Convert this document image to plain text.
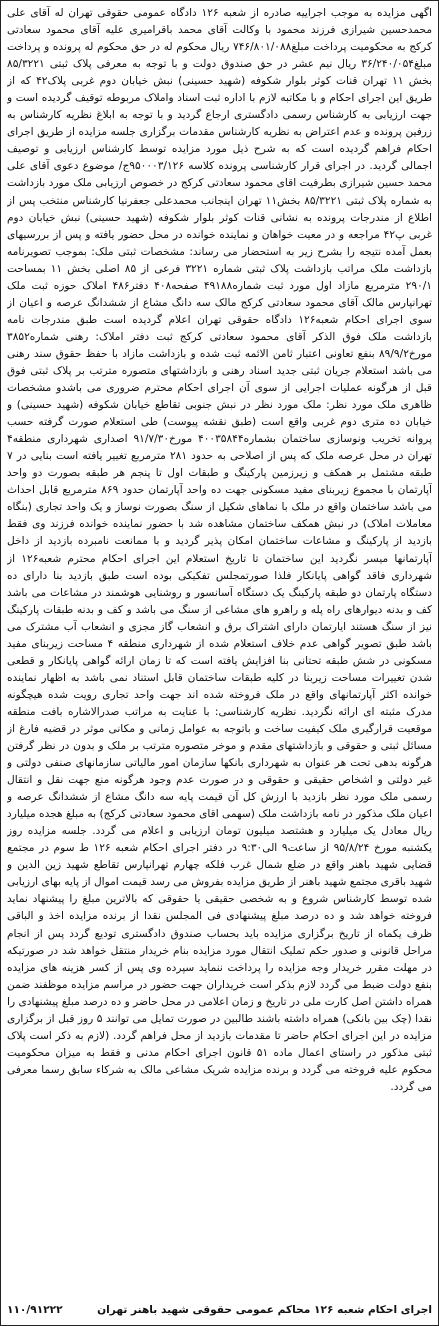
اگهی مزایده به موجب اجراییه صادره از شعبه ۱۲۶ دادگاه عمومی حقوقی تهران له آقای علی محمدحسین شیرازی فرزند محمود با وکالت آقای محمد باقرامیری علیه آقای محمود سعادتی کرکج به محکومیت پرداخت مبلغ۷۴۶/۸۰۱/۰۸۸ ریال محکوم له در حق محکوم له پرونده و پرداخت مبلغ۳۶/۲۴۰/۰۵۴ ریال نیم عشر در حق صندوق دولت و با توجه به معرفی پلاک ثبتی ۸۵/۳۲۲۱ بخش ۱۱ تهران قنات کوثر بلوار شکوفه (شهید حسینی) نبش خیابان دوم غربی پلاک۴۲ که از طریق این اجرای احکام و با مکاتبه لازم با اداره ثبت اسناد واملاک مربوطه توقیف گردیده است و جهت ارزیابی به کارشناس رسمی دادگستری ارجاع گردید و با توجه به ابلاغ نظریه کارشناس به زرفین پرونده و عدم اعتراض به نظریه کارشناس مقدمات برگزاری جلسه مزایده از طریق اجرای احکام فراهم گردیده است که به شرح ذیل مورد مزایده توسط کارشناس ارزیابی و توصیف اجمالی گردید. در اجرای قرار کارشناسی پرونده کلاسه ۹۵۰۰۰۳/۱۲۶ج/ موضوع دعوی آقای علی محمد حسین شیرازی بطرفیت اقای محمود سعادتی کرکج در خصوص ارزیابی ملک مورد بازداشت به شماره پلاک ثبتی ۸۵/۳۲۲۱ بخش۱۱ تهران اینجانب محمدعلی جعفرنیا کارشناس منتخب پس از اطلاع از مندرجات پرونده به نشانی قنات کوثر بلوار شکوفه (شهید حسینی) نبش خیابان دوم غربی پ۴۲ مراجعه و در معیت خواهان و نماینده خوانده در محل حضور یافته و پس از بررسیهای بعمل آمده نتیجه را بشرح زیر به استحضار می رساند: مشخصات ثبتی ملک: بموجب تصویرنامه بازداشت ملک مراتب بازداشت پلاک ثبتی شماره ۳۲۲۱ فرعی از ۸۵ اصلی بخش ۱۱ بمساحت ۲۹۰/۱ مترمربع مازاد اول مورد ثبت شماره۴۹۱۸۸ صفحه۴۰۸ دفتر۴۸۶ املاک حوزه ثبت ملک تهرانپارس مالک آقای محمود سعادتی کرکج مالک سه دانگ مشاع از ششدانگ عرصه و اعیان از سوی اجرای احکام شعبه۱۲۶ دادگاه حقوقی تهران اعلام گردیده است طبق مندرجات نامه بازداشت ملک فوق الذکر آقای محمود سعادتی کرکج ثبت دفتر املاک: رهنی شماره۳۸۵۲ مورخ۸۹/۹/۲ بنفع تعاونی اعتبار ثامن الائمه ثبت شده و بازداشت مازاد با حفظ حقوق سند رهنی می باشد استعلام جریان ثبتی جدید اسناد رهنی و بازداشتهای متصوره مترتب بر پلاک ثبتی فوق قبل از هرگونه عملیات اجرایی از سوی آن اجرای احکام محترم ضروری می باشدو مشخصات ظاهری ملک مورد نظر: ملک مورد نظر در نبش جنوبی تقاطع خیابان شکوفه (شهید حسینی) و خیابان ده متری دوم غربی واقع است (طبق نقشه پیوست) طی استعلام صورت گرفته حسب پروانه تخریب ونوسازی ساختمان بشماره۴۰۰۳۵۸۴۴ مورخ۹۱/۷/۳۰ اصداری شهرداری منطقه۴ تهران در محل عرصه ملک که پس از اصلاحی به حدود ۲۸۱ مترمربع تغییر یافته است بنایی در ۷ طبقه مشتمل بر همکف و زیرزمین پارکینگ و طبقات اول تا پنجم هر طبقه بصورت دو واحد آپارتمان با مجموع زیربنای مفید مسکونی جهت ده واحد آپارتمان حدود ۸۶۹ مترمربع قابل احداث می باشد ساختمان واقع در ملک با نماهای شکیل از سنگ بصورت نوساز و یک واحد تجاری (بنگاه معاملات املاک) در نبش همکف ساختمان مشاهده شد با حضور نماینده خوانده فرزند وی فقط بازدید از پارکینگ و مشاعات ساختمان امکان پذیر گردید و با ممانعت نامبرده بازدید از داخل آپارتمانها میسر نگردید این ساختمان تا تاریخ استعلام این اجرای احکام محترم شعبه۱۲۶ از شهرداری فاقد گواهی پایانکار فلذا صورتمجلس تفکیکی بوده است طبق بازدید بنا دارای ده دستگاه پارتمان دو طبقه پارکینگ یک دستگاه آسانسور و روشنایی هوشمند در مشاعات می باشد کف و بدنه دیوارهای راه پله و راهرو های مشاعی از سنگ می باشد و کف و بدنه طبقات پارکینگ نیز از سنگ هستند ایارتمان دارای اشتراک برق و انشعاب گاز مجزی و انشعاب آب مشترک می باشد طبق تصویر گواهی عدم خلاف استعلام شده از شهرداری منطقه ۴ مساحت زیربنای مفید مسکونی در شش طبقه تحتانی بنا افزایش یافته است که تا زمان ارائه گواهی پایانکار و قطعی شدن تغییرات مساحت زیربنا در کلیه طبقات ساختمان قابل استناد نمی باشد به اظهار نماینده خوانده اکثر آپارتمانهای واقع در ملک فروخته شده اند جهت واحد تجاری رویت شده هیچگونه مدرک مثبته ای ارائه نگردید. نظریه کارشناسی: با عنایت به مراتب صدرالاشاره بافت منطقه موقعیت قرارگیری ملک کیفیت ساخت و باتوجه به عوامل زمانی و مکانی موثر در قضیه فارغ از مسائل ثبتی و حقوقی و بازداشتهای مقدم و موخر متصوره مترتب بر ملک و بدون در نظر گرفتن هرگونه بدهی تحت هر عنوان به شهرداری بانکها سازمان امور مالیاتی سازمانهای صنفی دولتی و غیر دولتی و اشخاص حقیقی و حقوقی و در صورت عدم وجود هرگونه منع جهت نقل و انتقال رسمی ملک مورد نظر بازدید با ارزش کل آن قیمت پایه سه دانگ مشاع از ششدانگ عرصه و اعیان ملک مذکور در نامه بازداشت ملک (سهمی اقای محمود سعادتی کرکج) به مبلغ هجده میلیارد ریال معادل یک میلیارد و هشتصد میلیون تومان ارزیابی و اعلام می گردد. جلسه مزایده روز یکشنبه مورخ ۹۵/۸/۲۴ از ساعت۹ الی۹:۳۰ در دفتر اجرای احکام شعبه ۱۲۶ ط سوم در مجتمع قضایی شهید باهنر واقع در ضلع شمال غرب فلکه چهارم تهرانپارس تقاطع شهید زین الدین و شهید باقری مجتمع شهید باهنر از طریق مزایده بفروش می رسد قیمت اموال از پایه بهای ارزیابی شده توسط کارشناس شروع و به شخصی حقیقی یا حقوقی که بالاترین مبلغ را پیشنهاد نماید فروخته خواهد شد و ده درصد مبلغ پیشنهادی فی المجلس نقدا از برنده مزایده اخذ و الباقی ظرف یکماه از تاریخ برگزاری مزایده باید بحساب صندوق دادگستری تودیع گردد پس از انجام مراحل قانونی و صدور حکم تملیک انتقال مورد مزایده بنام خریدار منتقل خواهد شد در صورتیکه در مهلت مقرر خریدار وجه مزایده را پرداخت ننماید سپرده وی پس از کسر هزینه های مزایده بنفع دولت ضبط می گردد لازم بذکر است خریداران جهت حضور در مراسم مزایده موظفند ضمن همراه داشتن اصل کارت ملی در تاریخ و زمان اعلامی در محل حاضر و ده درصد مبلغ پیشنهادی را نقدا (چک بین بانکی) همراه داشته باشند طالبین در صورت تمایل می توانند ۵ روز قبل از برگزاری مزایده در این اجرای احکام حاضر تا مقدمات بازدید از محل فراهم گردد. (لازم به ذکر است پلاک ثبتی مذکور در راستای اعمال ماده ۵۱ قانون اجرای احکام مدنی و فقط به میزان محکومیت محکوم علیه فروخته می گردد و برنده مزایده شریک مشاعی مالک به شرکاء سابق رسما معرفی می گردد.

اجرای احکام شعبه ۱۲۶ محاکم عمومی حقوقی شهید باهنر تهران
۱۱۰/۹۱۲۲۲
